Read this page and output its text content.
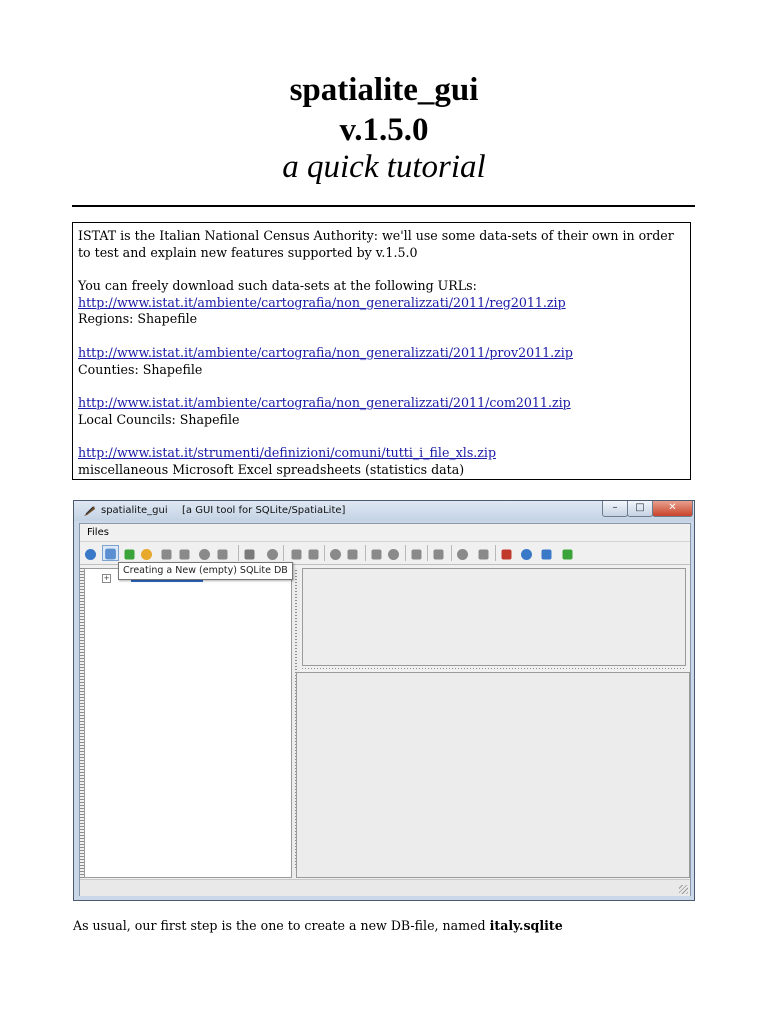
spatialite_gui
v.1.5.0
a quick tutorial

ISTAT is the Italian National Census Authority: we'll use some data-sets of their own in order to test and explain new features supported by v.1.5.0

You can freely download such data-sets at the following URLs:

http://www.istat.it/ambiente/cartografia/non_generalizzati/2011/reg2011.zip

Regions: Shapefile

http://www.istat.it/ambiente/cartografia/non_generalizzati/2011/prov2011.zip

Counties: Shapefile

http://www.istat.it/ambiente/cartografia/non_generalizzati/2011/com2011.zip

Local Councils: Shapefile

http://www.istat.it/strumenti/definizioni/comuni/tutti_i_file_xls.zip

miscellaneous Microsoft Excel spreadsheets (statistics data)

spatialite_gui [a GUI tool for SQLite/SpatiaLite]	–	□	✕
Files
+
Creating a New (empty) SQLite DB
As usual, our first step is the one to create a new DB-file, named italy.sqlite
